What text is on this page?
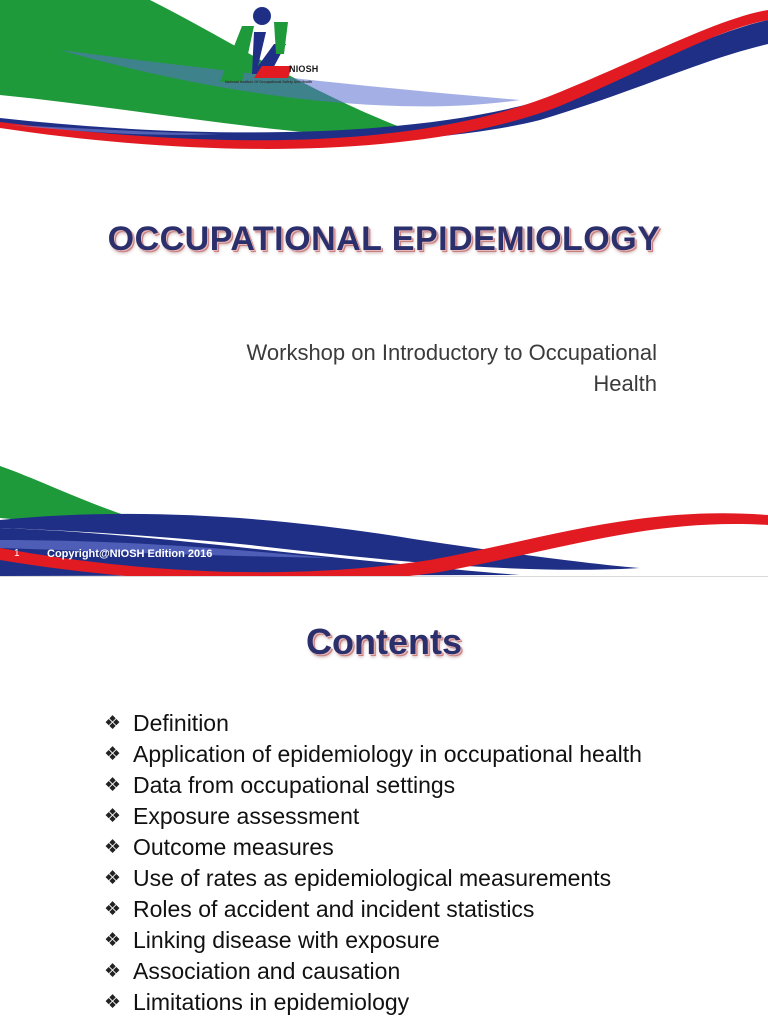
NIOSH
National Institute Of Occupational Safety And Health
OCCUPATIONAL EPIDEMIOLOGY
Workshop on Introductory to Occupational
Health
1 Copyright@NIOSH Edition 2016
Contents
❖ Definition
❖ Application of epidemiology in occupational health
❖ Data from occupational settings
❖ Exposure assessment
❖ Outcome measures
❖ Use of rates as epidemiological measurements
❖ Roles of accident and incident statistics
❖ Linking disease with exposure
❖ Association and causation
❖ Limitations in epidemiology
